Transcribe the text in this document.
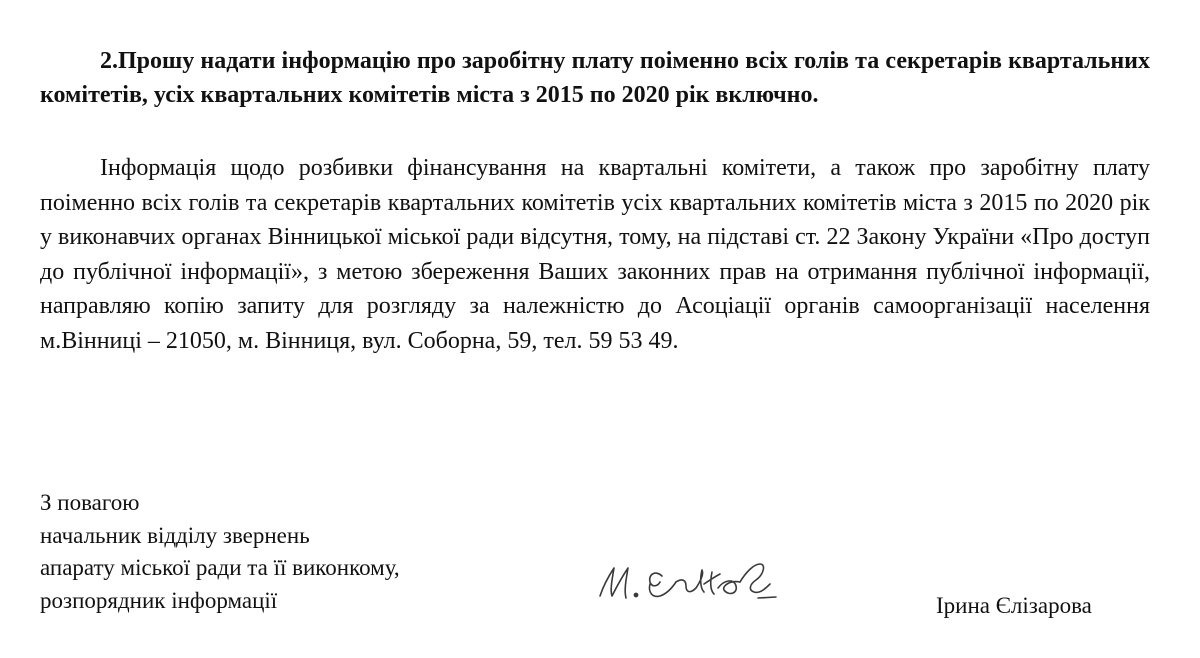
2.Прошу надати інформацію про заробітну плату поіменно всіх голів та секретарів квартальних комітетів, усіх квартальних комітетів міста з 2015 по 2020 рік включно.

Інформація щодо розбивки фінансування на квартальні комітети, а також про заробітну плату поіменно всіх голів та секретарів квартальних комітетів усіх квартальних комітетів міста з 2015 по 2020 рік у виконавчих органах Вінницької міської ради відсутня, тому, на підставі ст. 22 Закону України «Про доступ до публічної інформації», з метою збереження Ваших законних прав на отримання публічної інформації, направляю копію запиту для розгляду за належністю до Асоціації органів самоорганізації населення м.Вінниці – 21050, м. Вінниця, вул. Соборна, 59, тел. 59 53 49.

З повагою
начальник відділу звернень
апарату міської ради та її виконкому,
розпорядник інформації	Ірина Єлізарова
